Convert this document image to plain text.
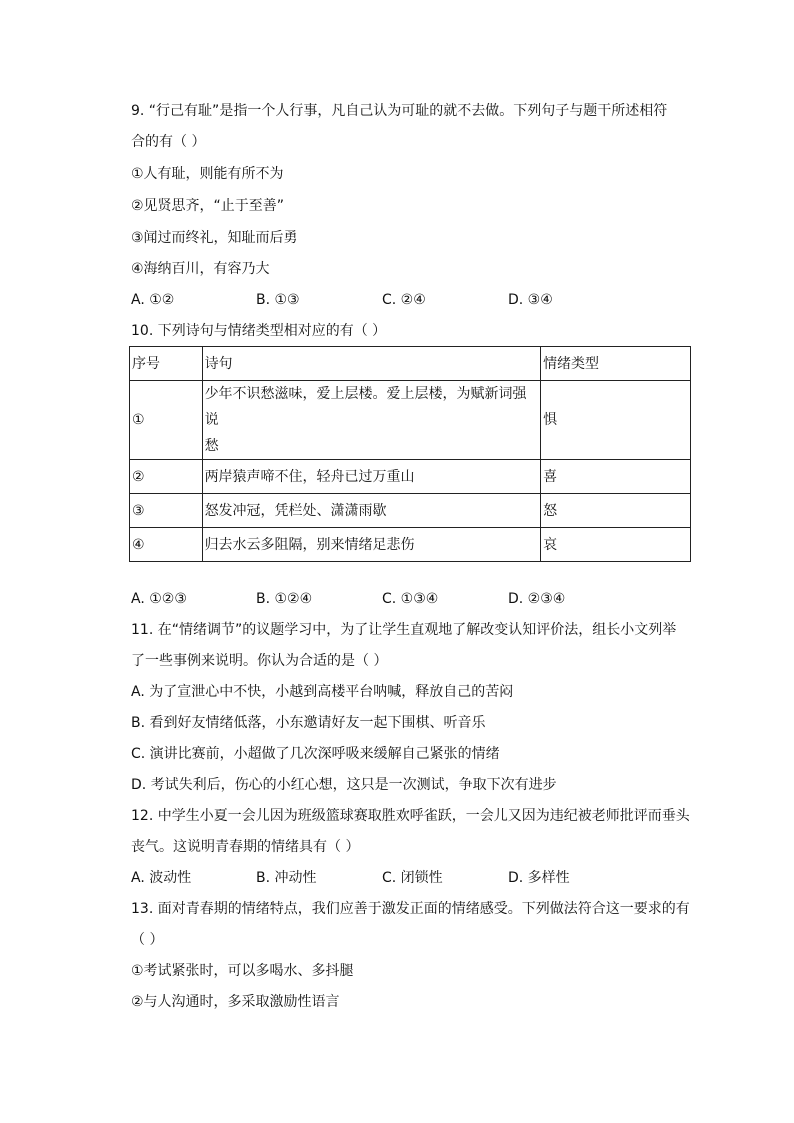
9. “行己有耻”是指一个人行事，凡自己认为可耻的就不去做。下列句子与题干所述相符
合的有（ ）
①人有耻，则能有所不为
②见贤思齐，“止于至善”
③闻过而终礼，知耻而后勇
④海纳百川，有容乃大
A. ①②	B. ①③	C. ②④	D. ③④
10. 下列诗句与情绪类型相对应的有（ ）
序号	诗句	情绪类型
①	少年不识愁滋味，爱上层楼。爱上层楼，为赋新词强说
愁	惧
②	两岸猿声啼不住，轻舟已过万重山	喜
③	怒发冲冠，凭栏处、潇潇雨歇	怒
④	归去水云多阻隔，别来情绪足悲伤	哀
A. ①②③	B. ①②④	C. ①③④	D. ②③④
11. 在“情绪调节”的议题学习中，为了让学生直观地了解改变认知评价法，组长小文列举
了一些事例来说明。你认为合适的是（ ）
A. 为了宣泄心中不快，小越到高楼平台呐喊，释放自己的苦闷
B. 看到好友情绪低落，小东邀请好友一起下围棋、听音乐
C. 演讲比赛前，小超做了几次深呼吸来缓解自己紧张的情绪
D. 考试失利后，伤心的小红心想，这只是一次测试，争取下次有进步
12. 中学生小夏一会儿因为班级篮球赛取胜欢呼雀跃，一会儿又因为违纪被老师批评而垂头
丧气。这说明青春期的情绪具有（ ）
A. 波动性	B. 冲动性	C. 闭锁性	D. 多样性
13. 面对青春期的情绪特点，我们应善于激发正面的情绪感受。下列做法符合这一要求的有
（ ）
①考试紧张时，可以多喝水、多抖腿
②与人沟通时，多采取激励性语言
